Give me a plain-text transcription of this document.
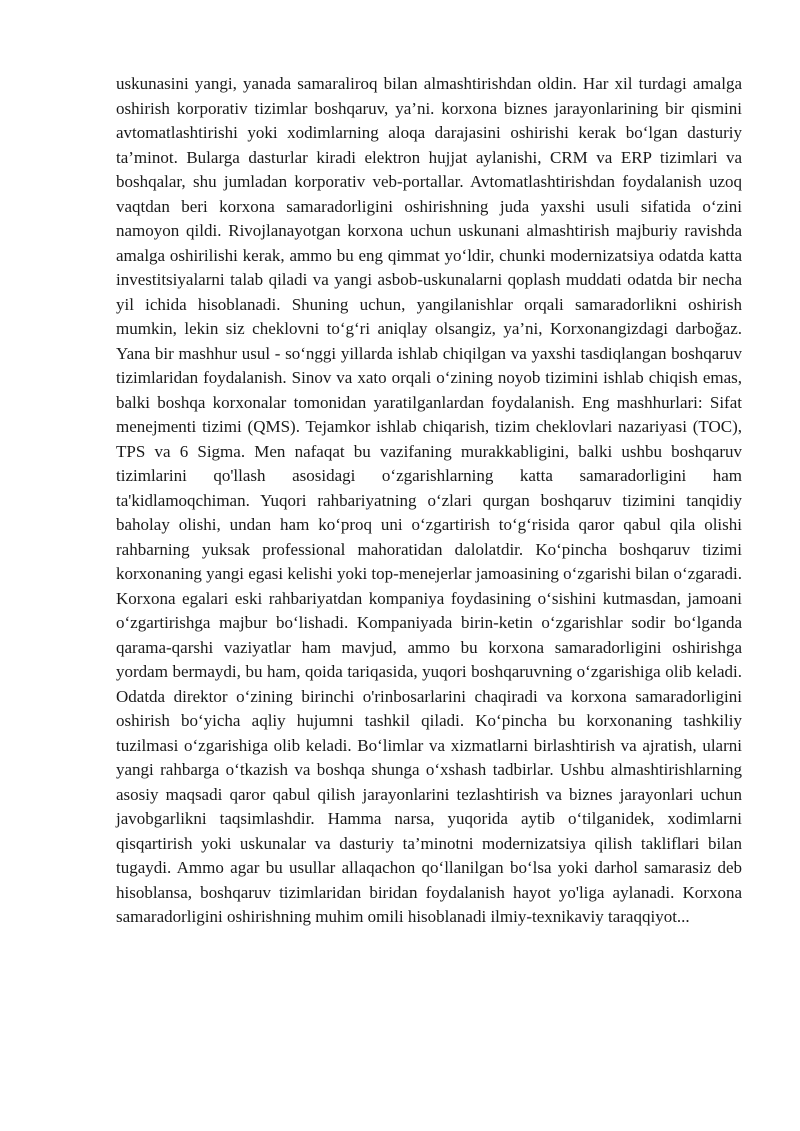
uskunasini yangi, yanada samaraliroq bilan almashtirishdan oldin. Har xil turdagi amalga oshirish korporativ tizimlar boshqaruv, ya’ni. korxona biznes jarayonlarining bir qismini avtomatlashtirishi yoki xodimlarning aloqa darajasini oshirishi kerak bo‘lgan dasturiy ta’minot. Bularga dasturlar kiradi elektron hujjat aylanishi, CRM va ERP tizimlari va boshqalar, shu jumladan korporativ veb-portallar. Avtomatlashtirishdan foydalanish uzoq vaqtdan beri korxona samaradorligini oshirishning juda yaxshi usuli sifatida o‘zini namoyon qildi. Rivojlanayotgan korxona uchun uskunani almashtirish majburiy ravishda amalga oshirilishi kerak, ammo bu eng qimmat yo‘ldir, chunki modernizatsiya odatda katta investitsiyalarni talab qiladi va yangi asbob-uskunalarni qoplash muddati odatda bir necha yil ichida hisoblanadi. Shuning uchun, yangilanishlar orqali samaradorlikni oshirish mumkin, lekin siz cheklovni to‘g‘ri aniqlay olsangiz, ya’ni, Korxonangizdagi darboğaz. Yana bir mashhur usul - so‘nggi yillarda ishlab chiqilgan va yaxshi tasdiqlangan boshqaruv tizimlaridan foydalanish. Sinov va xato orqali o‘zining noyob tizimini ishlab chiqish emas, balki boshqa korxonalar tomonidan yaratilganlardan foydalanish. Eng mashhurlari: Sifat menejmenti tizimi (QMS). Tejamkor ishlab chiqarish, tizim cheklovlari nazariyasi (TOC), TPS va 6 Sigma. Men nafaqat bu vazifaning murakkabligini, balki ushbu boshqaruv tizimlarini qo'llash asosidagi o‘zgarishlarning katta samaradorligini ham ta'kidlamoqchiman. Yuqori rahbariyatning o‘zlari qurgan boshqaruv tizimini tanqidiy baholay olishi, undan ham ko‘proq uni o‘zgartirish to‘g‘risida qaror qabul qila olishi rahbarning yuksak professional mahoratidan dalolatdir. Ko‘pincha boshqaruv tizimi korxonaning yangi egasi kelishi yoki top-menejerlar jamoasining o‘zgarishi bilan o‘zgaradi. Korxona egalari eski rahbariyatdan kompaniya foydasining o‘sishini kutmasdan, jamoani o‘zgartirishga majbur bo‘lishadi. Kompaniyada birin-ketin o‘zgarishlar sodir bo‘lganda qarama-qarshi vaziyatlar ham mavjud, ammo bu korxona samaradorligini oshirishga yordam bermaydi, bu ham, qoida tariqasida, yuqori boshqaruvning o‘zgarishiga olib keladi. Odatda direktor o‘zining birinchi o'rinbosarlarini chaqiradi va korxona samaradorligini oshirish bo‘yicha aqliy hujumni tashkil qiladi. Ko‘pincha bu korxonaning tashkiliy tuzilmasi o‘zgarishiga olib keladi. Bo‘limlar va xizmatlarni birlashtirish va ajratish, ularni yangi rahbarga o‘tkazish va boshqa shunga o‘xshash tadbirlar. Ushbu almashtirishlarning asosiy maqsadi qaror qabul qilish jarayonlarini tezlashtirish va biznes jarayonlari uchun javobgarlikni taqsimlashdir. Hamma narsa, yuqorida aytib o‘tilganidek, xodimlarni qisqartirish yoki uskunalar va dasturiy ta’minotni modernizatsiya qilish takliflari bilan tugaydi. Ammo agar bu usullar allaqachon qo‘llanilgan bo‘lsa yoki darhol samarasiz deb hisoblansa, boshqaruv tizimlaridan biridan foydalanish hayot yo'liga aylanadi. Korxona samaradorligini oshirishning muhim omili hisoblanadi ilmiy-texnikaviy taraqqiyot...
